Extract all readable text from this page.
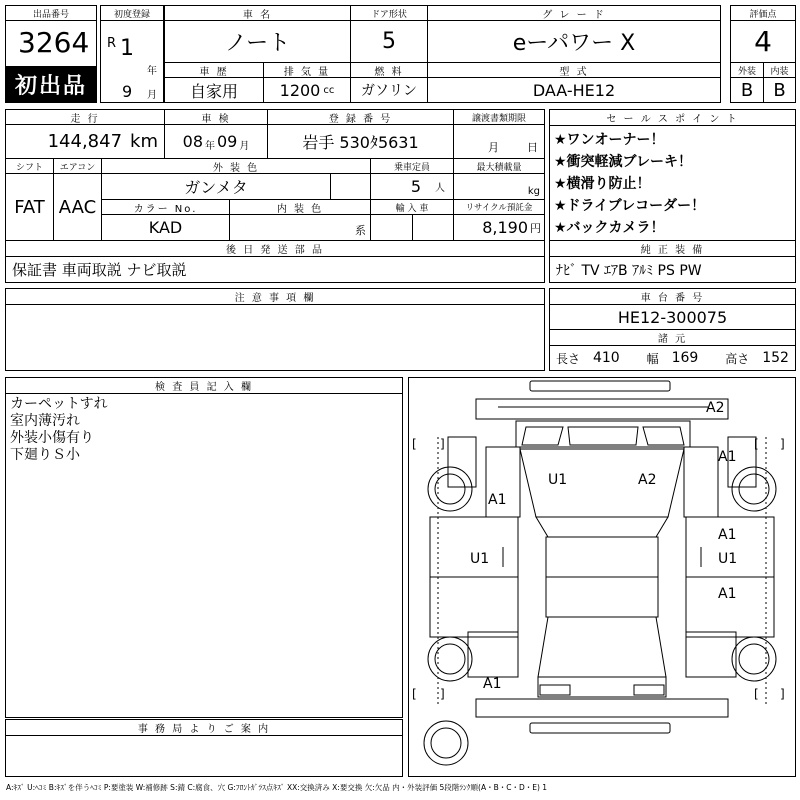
出品番号
3264
初出品
初度登録
R 1
年
9 月
車 名
ノート
ドア形状
5
グ レ ー ド
eーパワー X
評価点
4
車 歴
自家用
排 気 量
1200 cc
燃 料
ガソリン
型 式
DAA-HE12
外装	内装
B	B
走 行
144,847 km
車 検
08 年 09 月
登 録 番 号
岩手 530ﾀ5631
譲渡書類期限
月	日
シフト
FAT
エアコン
AAC
外 装 色
ガンメタ
乗車定員
5 人
最大積載量
kg
カラー No.
KAD
内 装 色
系
輸 入 車	リサイクル預託金
8,190 円
後 日 発 送 部 品
保証書 車両取説 ナビ取説
セ ー ル ス ポ イ ン ト
★ワンオーナー！
★衝突軽減ブレーキ！
★横滑り防止！
★ドライブレコーダー！
★バックカメラ！
純 正 装 備
ﾅﾋﾞ TV ｴｱB ｱﾙﾐ PS PW
注 意 事 項 欄	車 台 番 号
HE12-300075
諸 元
長さ 410 幅 169 高さ 152
検 査 員 記 入 欄
カーペットすれ
室内薄汚れ
外装小傷有り
下廻りＳ小
事 務 局 よ り ご 案 内
[ ]	[ ]
[ ]	[ ]
A2
A1
U1	A2
A1
A1
U1	U1
A1
A1
A:ｷｽﾞ U:ﾍｺﾐ B:ｷｽﾞを伴うﾍｺﾐ P:要塗装 W:補修跡 S:錆 C:腐食、穴 G:ﾌﾛﾝﾄｶﾞﾗｽ点ｷｽﾞ XX:交換済み X:要交換 欠:欠品 内・外装評価 5段階ﾗﾝｸ順(A・B・C・D・E) 1
